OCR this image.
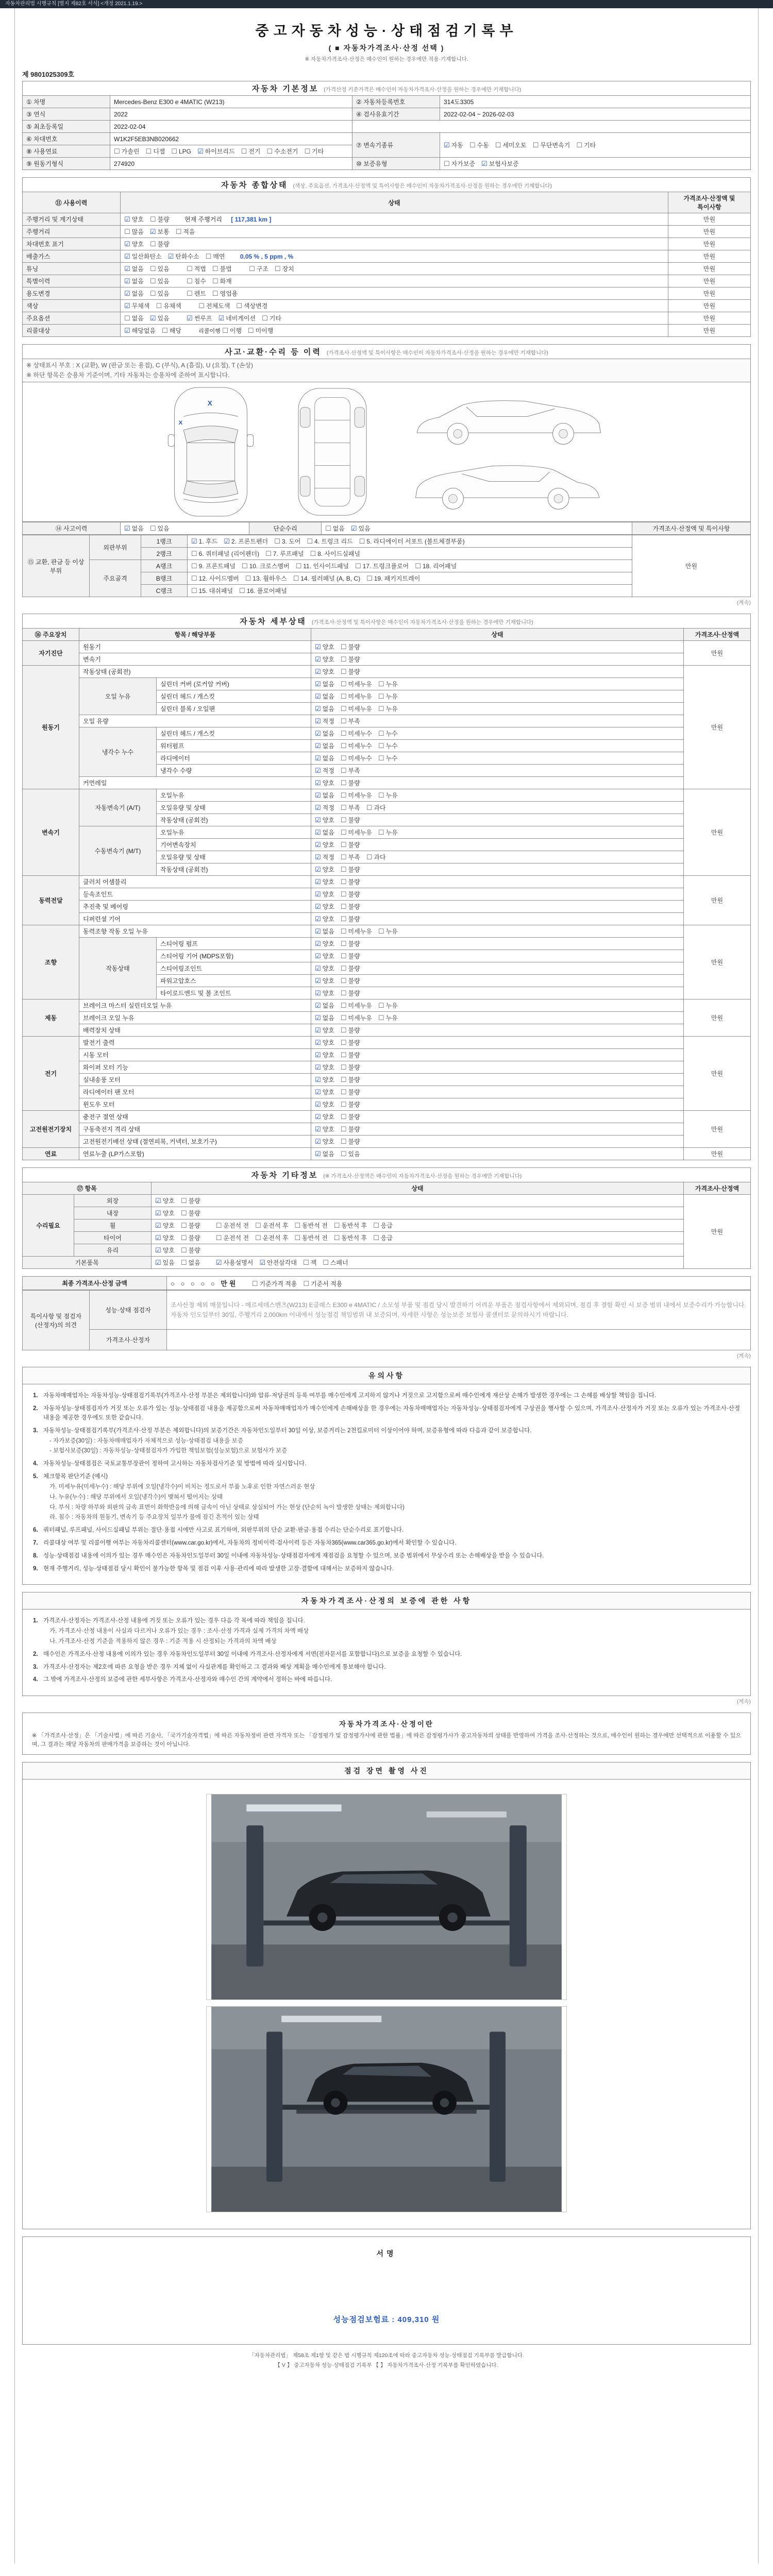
자동차관리법 시행규칙 [별지 제82호 서식] <개정 2021.1.19.>
중고자동차성능·상태점검기록부
( ■ 자동차가격조사·산정 선택 )
※ 자동차가격조사·산정은 매수인이 원하는 경우에만 적용·기재합니다.
제 9801025309호
자동차 기본정보 (가격산정 기준가격은 매수인이 자동차가격조사·산정을 원하는 경우에만 기재합니다)			
① 차명	Mercedes-Benz E300 e 4MATIC (W213)	② 자동차등록번호	314도3305
③ 연식	2022	④ 검사유효기간	2022-02-04 ~ 2026-02-03
⑤ 최초등록일	2022-02-04		
⑥ 차대번호	W1K2F5EB3NB020662	⑦ 변속기종류	☑ 자동 ☐ 수동 ☐ 세미오토 ☐ 무단변속기 ☐ 기타
⑧ 사용연료	☐ 가솔린 ☐ 디젤 ☐ LPG ☑ 하이브리드 ☐ 전기 ☐ 수소전기 ☐ 기타		
⑨ 원동기형식	274920	⑩ 보증유형	☐ 자가보증 ☑ 보험사보증
자동차 종합상태 (색상, 주요옵션, 가격조사·산정액 및 특이사항은 매수인이 자동차가격조사·산정을 원하는 경우에만 기재합니다)		
⑪ 사용이력	상태	가격조사·산정액 및 특이사항
주행거리 및 계기상태	☑ 양호 ☐ 불량 현재 주행거리 [ 117,381 km ]	만원
주행거리	☐ 많음 ☑ 보통 ☐ 적음	만원
차대번호 표기	☑ 양호 ☐ 불량	만원
배출가스	☑ 일산화탄소 ☑ 탄화수소 ☐ 매연 0.05 % , 5 ppm , %	만원
튜닝	☑ 없음 ☐ 있음 ☐ 적법 ☐ 불법 ☐ 구조 ☐ 장치	만원
특별이력	☑ 없음 ☐ 있음 ☐ 침수 ☐ 화재	만원
용도변경	☑ 없음 ☐ 있음 ☐ 렌트 ☐ 영업용	만원
색상	☑ 무채색 ☐ 유채색 ☐ 전체도색 ☐ 색상변경	만원
주요옵션	☐ 없음 ☑ 있음 ☑ 썬루프 ☑ 네비게이션 ☐ 기타	만원
리콜대상	☑ 해당없음 ☐ 해당 리콜이행 ☐ 이행 ☐ 미이행	만원
사고·교환·수리 등 이력 (가격조사·산정액 및 특이사항은 매수인이 자동차가격조사·산정을 원하는 경우에만 기재합니다)

※ 상태표시 부호 : X (교환), W (판금 또는 용접), C (부식), A (흠집), U (요철), T (손상)
※ 하단 항목은 승용차 기준이며, 기타 자동차는 승용차에 준하여 표시합니다.

X
X
⑭ 사고이력	☑ 없음 ☐ 있음	단순수리	☐ 없음 ☑ 있음	가격조사·산정액 및 특이사항
⑮ 교환, 판금 등 이상 부위	외판부위	1랭크	☑ 1. 후드 ☑ 2. 프론트펜더 ☐ 3. 도어 ☐ 4. 트렁크 리드 ☐ 5. 라디에이터 서포트 (볼트체결부품)	만원
		2랭크	☐ 6. 쿼터패널 (리어펜더) ☐ 7. 루프패널 ☐ 8. 사이드실패널	
	주요골격	A랭크	☐ 9. 프론트패널 ☐ 10. 크로스멤버 ☐ 11. 인사이드패널 ☐ 17. 트렁크플로어 ☐ 18. 리어패널	
		B랭크	☐ 12. 사이드멤버 ☐ 13. 휠하우스 ☐ 14. 필러패널 (A, B, C) ☐ 19. 패키지트레이	
		C랭크	☐ 15. 대쉬패널 ☐ 16. 플로어패널	
(계속)
자동차 세부상태 (가격조사·산정액 및 특이사항은 매수인이 자동차가격조사·산정을 원하는 경우에만 기재합니다)				
⑯ 주요장치	항목 / 해당부품		상태	가격조사·산정액
자기진단	원동기		☑ 양호 ☐ 불량	만원
	변속기		☑ 양호 ☐ 불량	
원동기	작동상태 (공회전)		☑ 양호 ☐ 불량	만원
	오일 누유	실린더 커버 (로커암 커버)	☑ 없음 ☐ 미세누유 ☐ 누유	
		실린더 헤드 / 개스킷	☑ 없음 ☐ 미세누유 ☐ 누유	
		실린더 블록 / 오일팬	☑ 없음 ☐ 미세누유 ☐ 누유	
	오일 유량		☑ 적정 ☐ 부족	
	냉각수 누수	실린더 헤드 / 개스킷	☑ 없음 ☐ 미세누수 ☐ 누수	
		워터펌프	☑ 없음 ☐ 미세누수 ☐ 누수	
		라디에이터	☑ 없음 ☐ 미세누수 ☐ 누수	
		냉각수 수량	☑ 적정 ☐ 부족	
	커먼레일		☑ 양호 ☐ 불량	
변속기	자동변속기 (A/T)	오일누유	☑ 없음 ☐ 미세누유 ☐ 누유	만원
		오일유량 및 상태	☑ 적정 ☐ 부족 ☐ 과다	
		작동상태 (공회전)	☑ 양호 ☐ 불량	
	수동변속기 (M/T)	오일누유	☑ 없음 ☐ 미세누유 ☐ 누유	
		기어변속장치	☑ 양호 ☐ 불량	
		오일유량 및 상태	☑ 적정 ☐ 부족 ☐ 과다	
		작동상태 (공회전)	☑ 양호 ☐ 불량	
동력전달	클러치 어셈블리		☑ 양호 ☐ 불량	만원
	등속조인트		☑ 양호 ☐ 불량	
	추진축 및 베어링		☑ 양호 ☐ 불량	
	디퍼런셜 기어		☑ 양호 ☐ 불량	
조향	동력조향 작동 오일 누유		☑ 없음 ☐ 미세누유 ☐ 누유	만원
	작동상태	스티어링 펌프	☑ 양호 ☐ 불량	
		스티어링 기어 (MDPS포함)	☑ 양호 ☐ 불량	
		스티어링조인트	☑ 양호 ☐ 불량	
		파워고압호스	☑ 양호 ☐ 불량	
		타이로드엔드 및 볼 조인트	☑ 양호 ☐ 불량	
제동	브레이크 마스터 실린더오일 누유		☑ 없음 ☐ 미세누유 ☐ 누유	만원
	브레이크 오일 누유		☑ 없음 ☐ 미세누유 ☐ 누유	
	배력장치 상태		☑ 양호 ☐ 불량	
전기	발전기 출력		☑ 양호 ☐ 불량	만원
	시동 모터		☑ 양호 ☐ 불량	
	와이퍼 모터 기능		☑ 양호 ☐ 불량	
	실내송풍 모터		☑ 양호 ☐ 불량	
	라디에이터 팬 모터		☑ 양호 ☐ 불량	
	윈도우 모터		☑ 양호 ☐ 불량	
고전원전기장치	충전구 절연 상태		☑ 양호 ☐ 불량	만원
	구동축전지 격리 상태		☑ 양호 ☐ 불량	
	고전원전기배선 상태 (절연피복, 커넥터, 보호기구)		☑ 양호 ☐ 불량	
연료	연료누출 (LP가스포함)		☑ 없음 ☐ 있음	만원
자동차 기타정보 (※ 가격조사·산정액은 매수인이 자동차가격조사·산정을 원하는 경우에만 기재합니다)			
⑰ 항목		상태	가격조사·산정액
수리필요	외장	☑ 양호 ☐ 불량	만원
	내장	☑ 양호 ☐ 불량	
	휠	☑ 양호 ☐ 불량 ☐ 운전석 전 ☐ 운전석 후 ☐ 동반석 전 ☐ 동반석 후 ☐ 응급	
	타이어	☑ 양호 ☐ 불량 ☐ 운전석 전 ☐ 운전석 후 ☐ 동반석 전 ☐ 동반석 후 ☐ 응급	
	유리	☑ 양호 ☐ 불량	
기본품목		☑ 있음 ☐ 없음 ☑ 사용설명서 ☑ 안전삼각대 ☐ 잭 ☐ 스패너	
최종 가격조사·산정 금액	○ ○ ○ ○ ○ 만원 ☐ 기준가격 적용 ☐ 기준서 적용
특이사항 및 점검자(산정자)의 의견	성능·상태 점검자	조사산정 제외 매물입니다 - 메르세데스벤츠(W213) E클래스 E300 e 4MATIC / 소모성 부품 및 점검 당시 발견하기 어려운 부품은 점검사항에서 제외되며, 점검 후 결함 확인 시 보증 범위 내에서 보증수리가 가능합니다. 자동차 인도일부터 30일, 주행거리 2,000km 이내에서 성능점검 책임범위 내 보증되며, 자세한 사항은 성능보증 보험사 콜센터로 문의하시기 바랍니다.
	가격조사·산정자	
(계속)
유의사항
1. 자동차매매업자는 자동차성능·상태점검기록부(가격조사·산정 부분은 제외합니다)와 압류·저당권의 등록 여부를 매수인에게 고지하지 않거나 거짓으로 고지함으로써 매수인에게 재산상 손해가 발생한 경우에는 그 손해를 배상할 책임을 집니다.
2. 자동차성능·상태점검자가 거짓 또는 오류가 있는 성능·상태점검 내용을 제공함으로써 자동차매매업자가 매수인에게 손해배상을 한 경우에는 자동차매매업자는 자동차성능·상태점검자에게 구상권을 행사할 수 있으며, 가격조사·산정자가 거짓 또는 오류가 있는 가격조사·산정 내용을 제공한 경우에도 또한 같습니다.
3. 자동차성능·상태점검기록부(가격조사·산정 부분은 제외합니다)의 보증기간은 자동차인도일부터 30일 이상, 보증거리는 2천킬로미터 이상이어야 하며, 보증유형에 따라 다음과 같이 보증합니다.
- 자가보증(30일) : 자동차매매업자가 자체적으로 성능·상태점검 내용을 보증
- 보험사보증(30일) : 자동차성능·상태점검자가 가입한 책임보험(성능보험)으로 보험사가 보증
4. 자동차성능·상태점검은 국토교통부장관이 정하여 고시하는 자동차검사기준 및 방법에 따라 실시합니다.
5. 체크항목 판단기준 (예시)
가. 미세누유(미세누수) : 해당 부위에 오일(냉각수)이 비치는 정도로서 부품 노후로 인한 자연스러운 현상
나. 누유(누수) : 해당 부위에서 오일(냉각수)이 맺혀서 떨어지는 상태
다. 부식 : 차량 하부와 외판의 금속 표면이 화학반응에 의해 금속이 아닌 상태로 상실되어 가는 현상 (단순히 녹이 발생한 상태는 제외합니다)
라. 침수 : 자동차의 원동기, 변속기 등 주요장치 일부가 물에 잠긴 흔적이 있는 상태
6. 쿼터패널, 루프패널, 사이드실패널 부위는 절단·용접 시에만 사고로 표기하며, 외판부위의 단순 교환·판금·용접 수리는 단순수리로 표기합니다.
7. 리콜대상 여부 및 리콜이행 여부는 자동차리콜센터(www.car.go.kr)에서, 자동차의 정비이력·검사이력 등은 자동차365(www.car365.go.kr)에서 확인할 수 있습니다.
8. 성능·상태점검 내용에 이의가 있는 경우 매수인은 자동차인도일부터 30일 이내에 자동차성능·상태점검자에게 재점검을 요청할 수 있으며, 보증 범위에서 무상수리 또는 손해배상을 받을 수 있습니다.
9. 현재 주행거리, 성능·상태점검 당시 확인이 불가능한 항목 및 점검 이후 사용·관리에 따라 발생한 고장·결함에 대해서는 보증하지 않습니다.
자동차가격조사·산정의 보증에 관한 사항
1. 가격조사·산정자는 가격조사·산정 내용에 거짓 또는 오류가 있는 경우 다음 각 목에 따라 책임을 집니다.
가. 가격조사·산정 내용이 사실과 다르거나 오류가 있는 경우 : 조사·산정 가격과 실제 가격의 차액 배상
나. 가격조사·산정 기준을 적용하지 않은 경우 : 기준 적용 시 산정되는 가격과의 차액 배상
2. 매수인은 가격조사·산정 내용에 이의가 있는 경우 자동차인도일부터 30일 이내에 가격조사·산정자에게 서면(전자문서를 포함합니다)으로 보증을 요청할 수 있습니다.
3. 가격조사·산정자는 제2호에 따른 요청을 받은 경우 지체 없이 사실관계를 확인하고 그 결과와 배상 계획을 매수인에게 통보해야 합니다.
4. 그 밖에 가격조사·산정의 보증에 관한 세부사항은 가격조사·산정자와 매수인 간의 계약에서 정하는 바에 따릅니다.
(계속)
자동차가격조사·산정이란
※ 「가격조사·산정」은 「기술사법」에 따른 기술사, 「국가기술자격법」에 따른 자동차정비 관련 자격자 또는 「감정평가 및 감정평가사에 관한 법률」에 따른 감정평가사가 중고자동차의 상태를 반영하여 가격을 조사·산정하는 것으로, 매수인이 원하는 경우에만 선택적으로 이용할 수 있으며, 그 결과는 해당 자동차의 판매가격을 보증하는 것이 아닙니다.
점검 장면 촬영 사진
서명
성능점검보험료 : 409,310 원
「자동차관리법」 제58조 제1항 및 같은 법 시행규칙 제120조에 따라 중고자동차 성능·상태점검 기록부를 발급합니다.
【 V 】 중고자동차 성능·상태점검 기록부 【 】 자동차가격조사·산정 기록부를 확인하였습니다.
